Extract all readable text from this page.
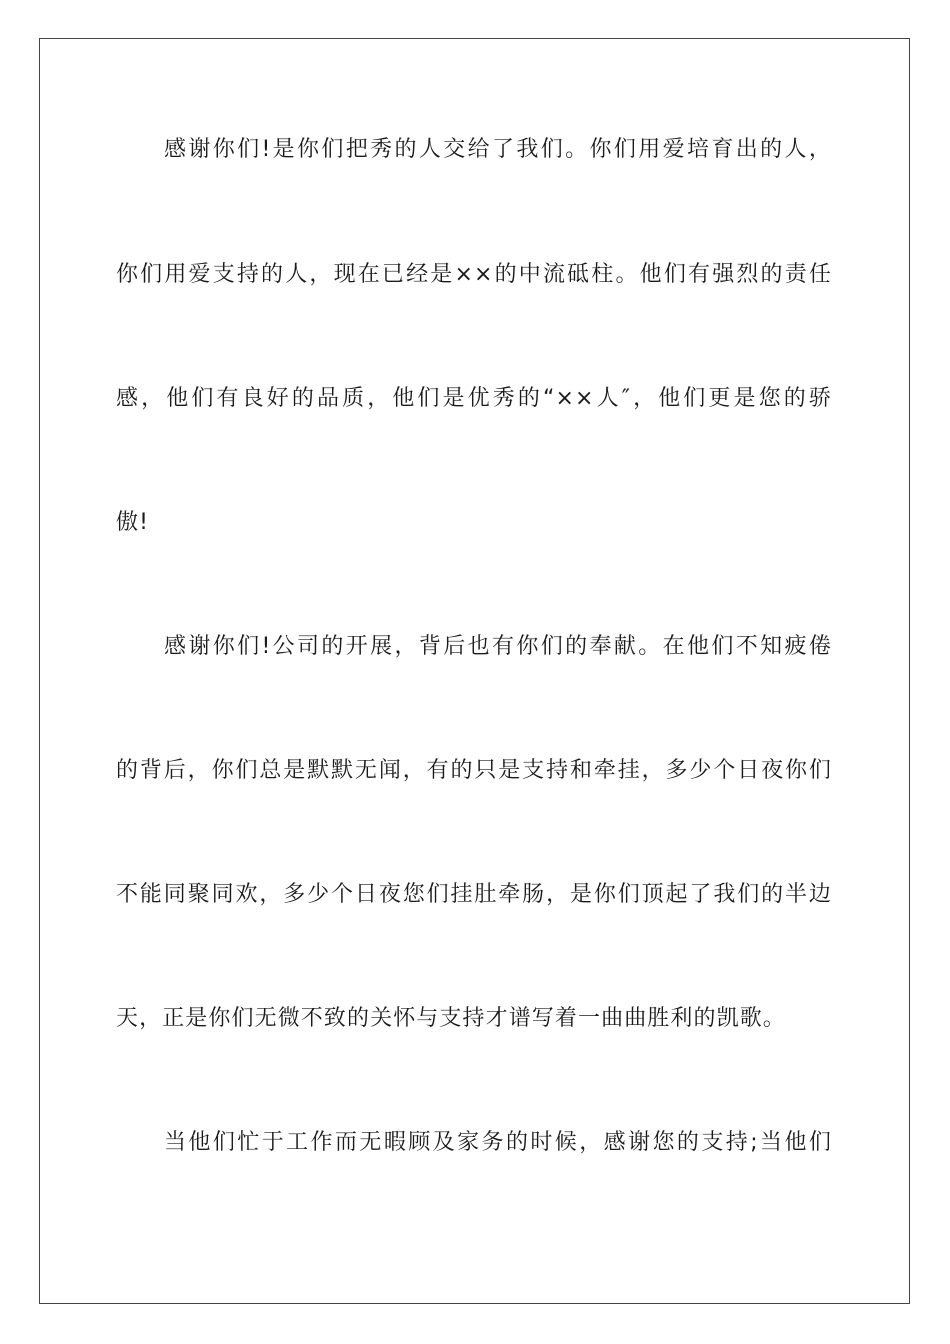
感谢你们!是你们把秀的人交给了我们。你们用爱培育出的人，
你们用爱支持的人，现在已经是××的中流砥柱。他们有强烈的责任
感，他们有良好的品质，他们是优秀的“××人″，他们更是您的骄
傲!
感谢你们!公司的开展，背后也有你们的奉献。在他们不知疲倦
的背后，你们总是默默无闻，有的只是支持和牵挂，多少个日夜你们
不能同聚同欢，多少个日夜您们挂肚牵肠，是你们顶起了我们的半边
天，正是你们无微不致的关怀与支持才谱写着一曲曲胜利的凯歌。
当他们忙于工作而无暇顾及家务的时候，感谢您的支持;当他们
